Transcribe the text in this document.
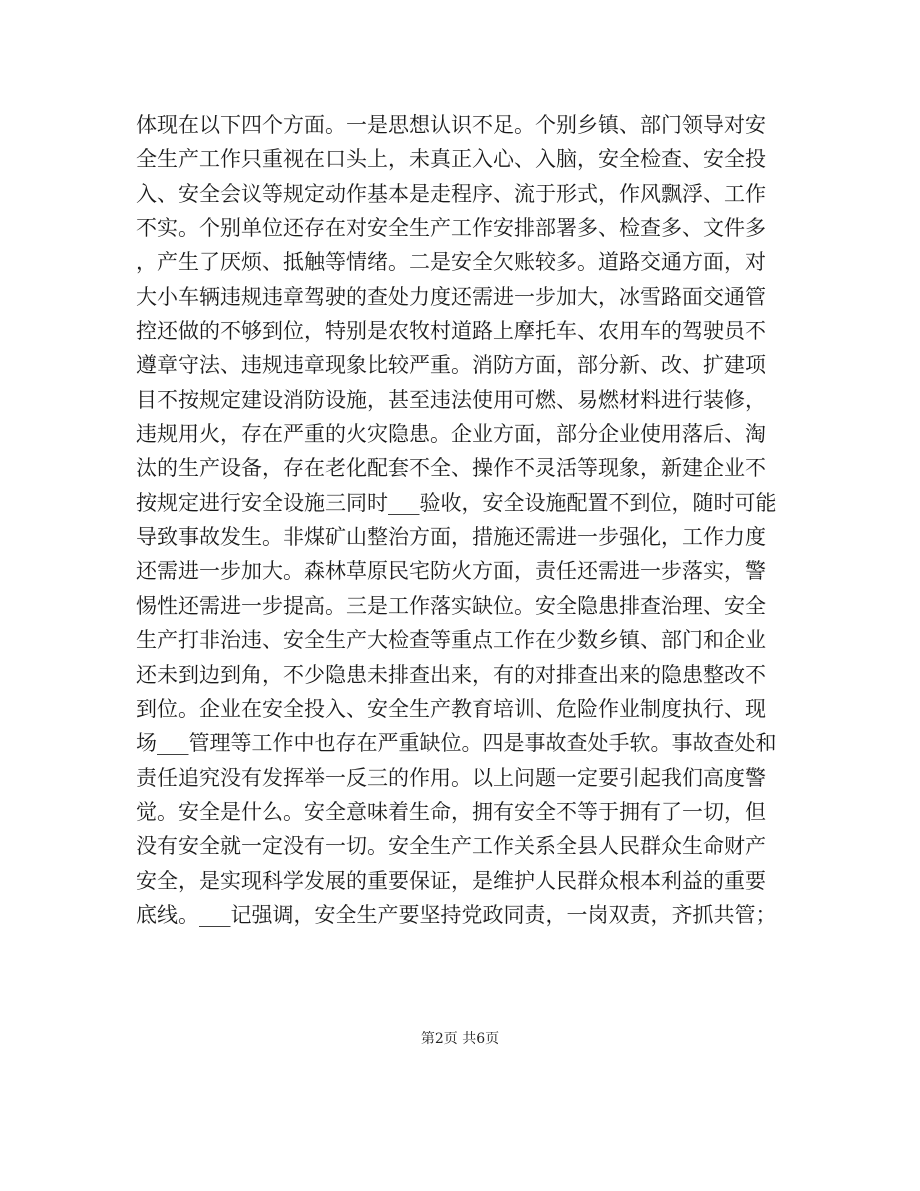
体现在以下四个方面。一是思想认识不足。个别乡镇、部门领导对安
全生产工作只重视在口头上，未真正入心、入脑，安全检查、安全投
入、安全会议等规定动作基本是走程序、流于形式，作风飘浮、工作
不实。个别单位还存在对安全生产工作安排部署多、检查多、文件多
，产生了厌烦、抵触等情绪。二是安全欠账较多。道路交通方面，对
大小车辆违规违章驾驶的查处力度还需进一步加大，冰雪路面交通管
控还做的不够到位，特别是农牧村道路上摩托车、农用车的驾驶员不
遵章守法、违规违章现象比较严重。消防方面，部分新、改、扩建项
目不按规定建设消防设施，甚至违法使用可燃、易燃材料进行装修，
违规用火，存在严重的火灾隐患。企业方面，部分企业使用落后、淘
汰的生产设备，存在老化配套不全、操作不灵活等现象，新建企业不
按规定进行安全设施三同时___验收，安全设施配置不到位，随时可能
导致事故发生。非煤矿山整治方面，措施还需进一步强化，工作力度
还需进一步加大。森林草原民宅防火方面，责任还需进一步落实，警
惕性还需进一步提高。三是工作落实缺位。安全隐患排查治理、安全
生产打非治违、安全生产大检查等重点工作在少数乡镇、部门和企业
还未到边到角，不少隐患未排查出来，有的对排查出来的隐患整改不
到位。企业在安全投入、安全生产教育培训、危险作业制度执行、现
场___管理等工作中也存在严重缺位。四是事故查处手软。事故查处和
责任追究没有发挥举一反三的作用。以上问题一定要引起我们高度警
觉。安全是什么。安全意味着生命，拥有安全不等于拥有了一切，但
没有安全就一定没有一切。安全生产工作关系全县人民群众生命财产
安全，是实现科学发展的重要保证，是维护人民群众根本利益的重要
底线。___记强调，安全生产要坚持党政同责，一岗双责，齐抓共管；
第2页 共6页
